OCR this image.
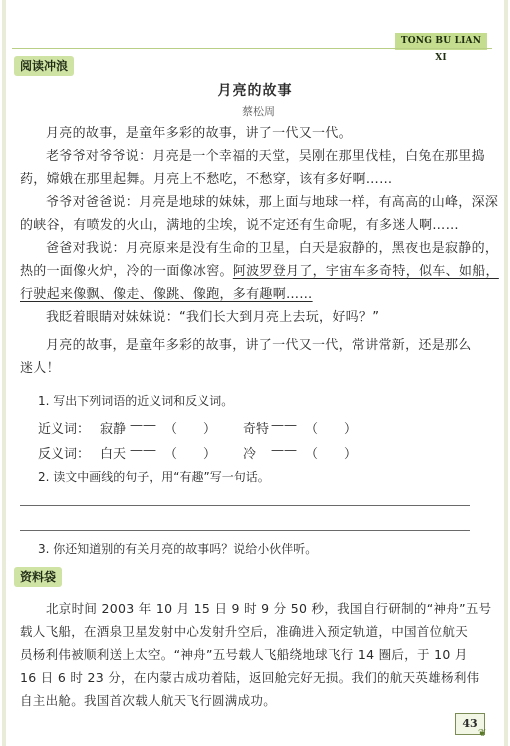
TONG BU LIAN XI
阅读冲浪
月亮的故事
蔡松周
月亮的故事，是童年多彩的故事，讲了一代又一代。
老爷爷对爷爷说：月亮是一个幸福的天堂，吴刚在那里伐桂，白兔在那里捣
药，嫦娥在那里起舞。月亮上不愁吃，不愁穿，该有多好啊……
爷爷对爸爸说：月亮是地球的妹妹，那上面与地球一样，有高高的山峰，深深
的峡谷，有喷发的火山，满地的尘埃，说不定还有生命呢，有多迷人啊……
爸爸对我说：月亮原来是没有生命的卫星，白天是寂静的，黑夜也是寂静的，
热的一面像火炉，冷的一面像冰窖。阿波罗登月了，宇宙车多奇特，似车、如船，
行驶起来像飘、像走、像跳、像跑，多有趣啊……
我眨着眼睛对妹妹说：“我们长大到月亮上去玩，好吗？”
月亮的故事，是童年多彩的故事，讲了一代又一代，常讲常新，还是那么
迷人！
1. 写出下列词语的近义词和反义词。
近义词： 寂静 —— （　　） 奇特 —— （　　）
反义词： 白天 —— （　　） 冷 —— （　　）
2. 读文中画线的句子，用“有趣”写一句话。
3. 你还知道别的有关月亮的故事吗？说给小伙伴听。
资料袋
北京时间 2003 年 10 月 15 日 9 时 9 分 50 秒，我国自行研制的“神舟”五号
载人飞船，在酒泉卫星发射中心发射升空后，准确进入预定轨道，中国首位航天
员杨利伟被顺利送上太空。“神舟”五号载人飞船绕地球飞行 14 圈后，于 10 月
16 日 6 时 23 分，在内蒙古成功着陆，返回舱完好无损。我们的航天英雄杨利伟
自主出舱。我国首次载人航天飞行圆满成功。
43
❦
